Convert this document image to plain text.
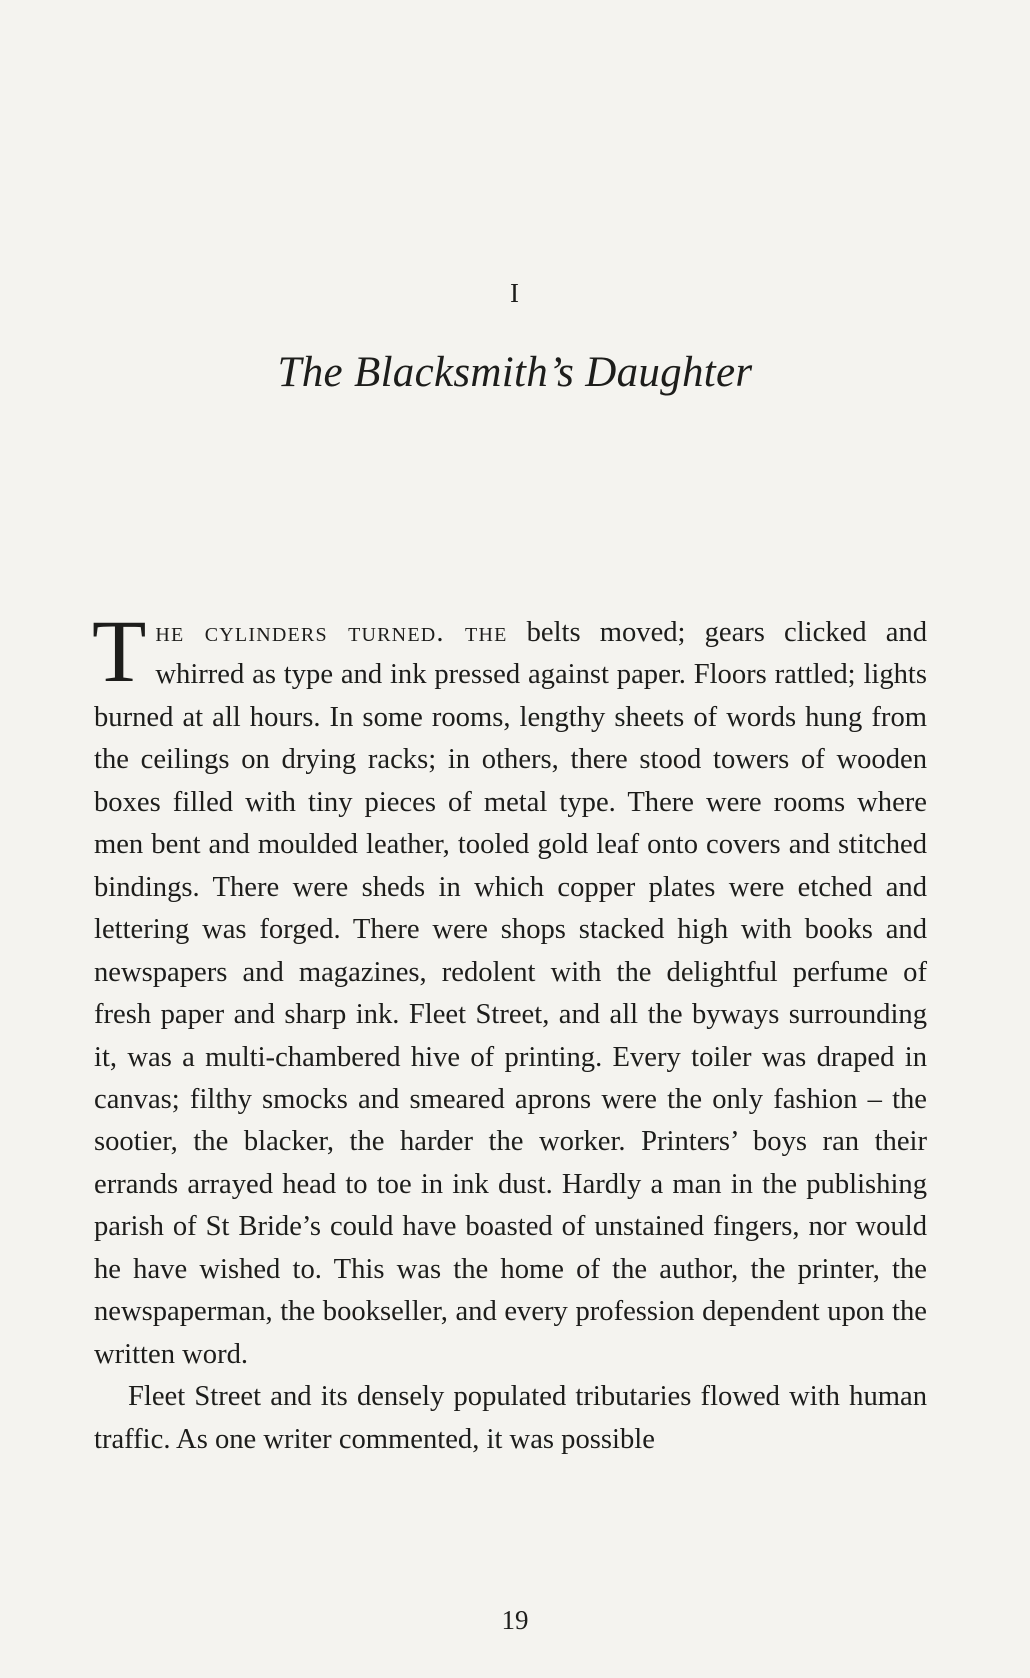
I
The Blacksmith’s Daughter

The cylinders turned. the belts moved; gears clicked and whirred as type and ink pressed against paper. Floors rattled; lights burned at all hours. In some rooms, lengthy sheets of words hung from the ceilings on drying racks; in others, there stood towers of wooden boxes filled with tiny pieces of metal type. There were rooms where men bent and moulded leather, tooled gold leaf onto covers and stitched bindings. There were sheds in which copper plates were etched and lettering was forged. There were shops stacked high with books and newspapers and magazines, redolent with the delightful perfume of fresh paper and sharp ink. Fleet Street, and all the byways surrounding it, was a multi-chambered hive of printing. Every toiler was draped in canvas; filthy smocks and smeared aprons were the only fashion – the sootier, the blacker, the harder the worker. Printers’ boys ran their errands arrayed head to toe in ink dust. Hardly a man in the publishing parish of St Bride’s could have boasted of unstained fingers, nor would he have wished to. This was the home of the author, the printer, the newspaperman, the bookseller, and every profession dependent upon the written word.

Fleet Street and its densely populated tributaries flowed with human traffic. As one writer commented, it was possible

19
